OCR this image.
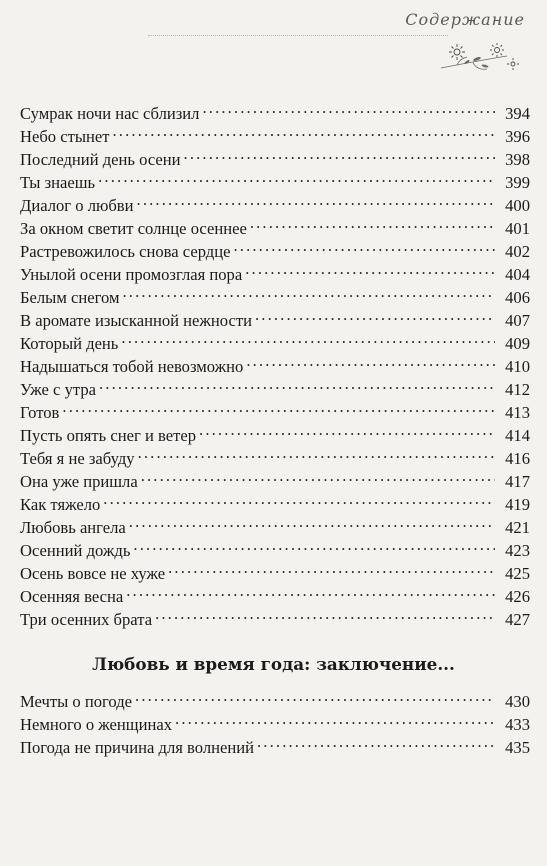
Содержание
Сумрак ночи нас сблизил . . .	394
Небо стынет . . .	396
Последний день осени . . .	398
Ты знаешь . . .	399
Диалог о любви . . .	400
За окном светит солнце осеннее . . .	401
Растревожилось снова сердце . . .	402
Унылой осени промозглая пора . . .	404
Белым снегом . . .	406
В аромате изысканной нежности . . .	407
Который день . . .	409
Надышаться тобой невозможно . . .	410
Уже с утра . . .	412
Готов . . .	413
Пусть опять снег и ветер . . .	414
Тебя я не забуду . . .	416
Она уже пришла . . .	417
Как тяжело . . .	419
Любовь ангела . . .	421
Осенний дождь . . .	423
Осень вовсе не хуже . . .	425
Осенняя весна . . .	426
Три осенних брата . . .	427
Любовь и время года: заключение...
Мечты о погоде . . .	430
Немного о женщинах . . .	433
Погода не причина для волнений . . .	435
